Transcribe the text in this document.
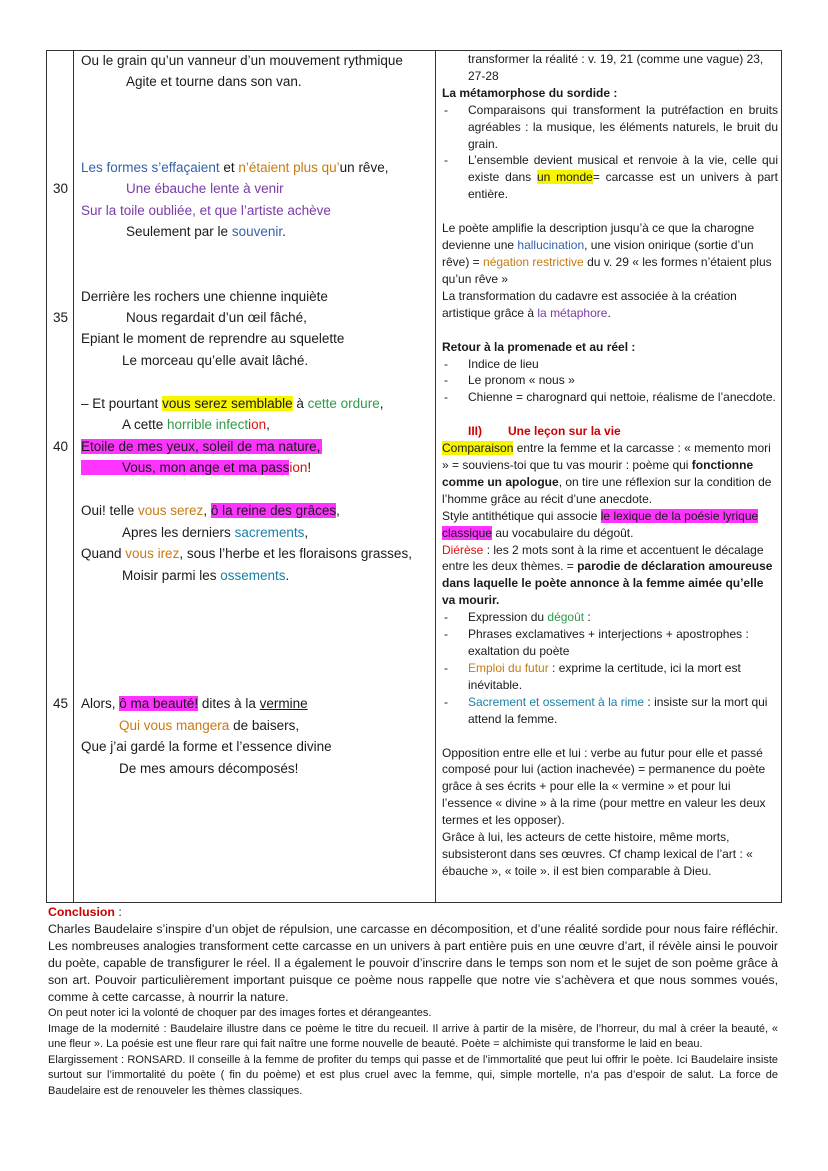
30
35
40
45
Ou le grain qu’un vanneur d’un mouvement rythmique
Agite et tourne dans son van.
Les formes s’effaçaient et n’étaient plus qu’un rêve,
Une ébauche lente à venir
Sur la toile oubliée, et que l’artiste achève
Seulement par le souvenir.
Derrière les rochers une chienne inquiète
Nous regardait d’un œil fâché,
Epiant le moment de reprendre au squelette
Le morceau qu’elle avait lâché.
– Et pourtant vous serez semblable à cette ordure,
A cette horrible infection,
Etoile de mes yeux, soleil de ma nature,
Vous, mon ange et ma passion!
Oui! telle vous serez, ô la reine des grâces,
Apres les derniers sacrements,
Quand vous irez, sous l’herbe et les floraisons grasses,
Moisir parmi les ossements.
Alors, ô ma beauté! dites à la vermine
Qui vous mangera de baisers,
Que j’ai gardé la forme et l’essence divine
De mes amours décomposés!

transformer la réalité : v. 19, 21 (comme une vague) 23, 27-28

La métamorphose du sordide :

- Comparaisons qui transforment la putréfaction en bruits agréables : la musique, les éléments naturels, le bruit du grain.

- L’ensemble devient musical et renvoie à la vie, celle qui existe dans un monde= carcasse est un univers à part entière.

Le poète amplifie la description jusqu’à ce que la charogne devienne une hallucination, une vision onirique (sortie d’un rêve) = négation restrictive du v. 29 « les formes n’étaient plus qu’un rêve »

La transformation du cadavre est associée à la création artistique grâce à la métaphore.

Retour à la promenade et au réel :

- Indice de lieu

- Le pronom « nous »

- Chienne = charognard qui nettoie, réalisme de l’anecdote.

III) Une leçon sur la vie

Comparaison entre la femme et la carcasse : « memento mori » = souviens-toi que tu vas mourir : poème qui fonctionne comme un apologue, on tire une réflexion sur la condition de l’homme grâce au récit d’une anecdote.

Style antithétique qui associe le lexique de la poésie lyrique classique au vocabulaire du dégoût.

Diérèse : les 2 mots sont à la rime et accentuent le décalage entre les deux thèmes. = parodie de déclaration amoureuse dans laquelle le poète annonce à la femme aimée qu’elle va mourir.

- Expression du dégoût :

- Phrases exclamatives + interjections + apostrophes : exaltation du poète

- Emploi du futur : exprime la certitude, ici la mort est inévitable.

- Sacrement et ossement à la rime : insiste sur la mort qui attend la femme.

Opposition entre elle et lui : verbe au futur pour elle et passé composé pour lui (action inachevée) = permanence du poète grâce à ses écrits + pour elle la « vermine » et pour lui l’essence « divine » à la rime (pour mettre en valeur les deux termes et les opposer).

Grâce à lui, les acteurs de cette histoire, même morts, subsisteront dans ses œuvres. Cf champ lexical de l’art : « ébauche », « toile ». il est bien comparable à Dieu.

Conclusion :

Charles Baudelaire s’inspire d’un objet de répulsion, une carcasse en décomposition, et d’une réalité sordide pour nous faire réfléchir. Les nombreuses analogies transforment cette carcasse en un univers à part entière puis en une œuvre d’art, il révèle ainsi le pouvoir du poète, capable de transfigurer le réel. Il a également le pouvoir d’inscrire dans le temps son nom et le sujet de son poème grâce à son art. Pouvoir particulièrement important puisque ce poème nous rappelle que notre vie s’achèvera et que nous sommes voués, comme à cette carcasse, à nourrir la nature.

On peut noter ici la volonté de choquer par des images fortes et dérangeantes.

Image de la modernité : Baudelaire illustre dans ce poème le titre du recueil. Il arrive à partir de la misère, de l’horreur, du mal à créer la beauté, « une fleur ». La poésie est une fleur rare qui fait naître une forme nouvelle de beauté. Poète = alchimiste qui transforme le laid en beau.

Elargissement : RONSARD. Il conseille à la femme de profiter du temps qui passe et de l’immortalité que peut lui offrir le poète. Ici Baudelaire insiste surtout sur l’immortalité du poète ( fin du poème) et est plus cruel avec la femme, qui, simple mortelle, n’a pas d’espoir de salut. La force de Baudelaire est de renouveler les thèmes classiques.
